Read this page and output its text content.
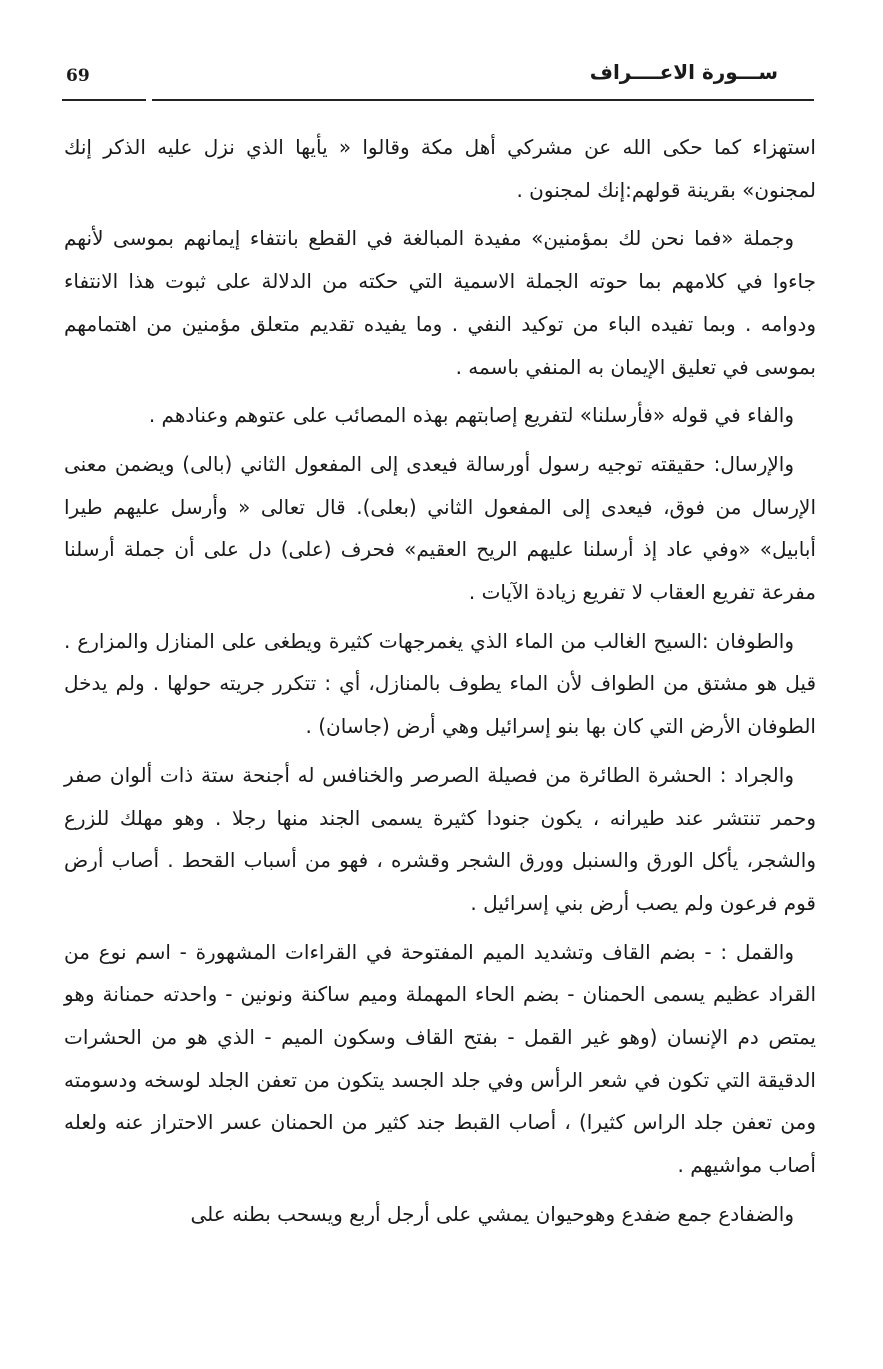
69	ســـورة الاعــــراف

استهزاء كما حكى الله عن مشركي أهل مكة وقالوا « يأيها الذي نزل عليه الذكر إنك لمجنون» بقرينة قولهم:إنك لمجنون .

وجملة «فما نحن لك بمؤمنين» مفيدة المبالغة في القطع بانتفاء إيمانهم بموسى لأنهم جاءوا في كلامهم بما حوته الجملة الاسمية التي حكته من الدلالة على ثبوت هذا الانتفاء ودوامه . وبما تفيده الباء من توكيد النفي . وما يفيده تقديم متعلق مؤمنين من اهتمامهم بموسى في تعليق الإيمان به المنفي باسمه .

والفاء في قوله «فأرسلنا» لتفريع إصابتهم بهذه المصائب على عتوهم وعنادهم .

والإرسال: حقيقته توجيه رسول أورسالة فيعدى إلى المفعول الثاني (بالى) ويضمن معنى الإرسال من فوق، فيعدى إلى المفعول الثاني (بعلى). قال تعالى « وأرسل عليهم طيرا أبابيل» «وفي عاد إذ أرسلنا عليهم الريح العقيم» فحرف (على) دل على أن جملة أرسلنا مفرعة تفريع العقاب لا تفريع زيادة الآيات .

والطوفان :السيح الغالب من الماء الذي يغمرجهات كثيرة ويطغى على المنازل والمزارع . قيل هو مشتق من الطواف لأن الماء يطوف بالمنازل، أي : تتكرر جريته حولها . ولم يدخل الطوفان الأرض التي كان بها بنو إسرائيل وهي أرض (جاسان) .

والجراد : الحشرة الطائرة من فصيلة الصرصر والخنافس له أجنحة ستة ذات ألوان صفر وحمر تنتشر عند طيرانه ، يكون جنودا كثيرة يسمى الجند منها رجلا . وهو مهلك للزرع والشجر، يأكل الورق والسنبل وورق الشجر وقشره ، فهو من أسباب القحط . أصاب أرض قوم فرعون ولم يصب أرض بني إسرائيل .

والقمل : - بضم القاف وتشديد الميم المفتوحة في القراءات المشهورة - اسم نوع من القراد عظيم يسمى الحمنان - بضم الحاء المهملة وميم ساكنة ونونين - واحدته حمنانة وهو يمتص دم الإنسان (وهو غير القمل - بفتح القاف وسكون الميم - الذي هو من الحشرات الدقيقة التي تكون في شعر الرأس وفي جلد الجسد يتكون من تعفن الجلد لوسخه ودسومته ومن تعفن جلد الراس كثيرا) ، أصاب القبط جند كثير من الحمنان عسر الاحتراز عنه ولعله أصاب مواشيهم .

والضفادع جمع ضفدع وهوحيوان يمشي على أرجل أربع ويسحب بطنه على
